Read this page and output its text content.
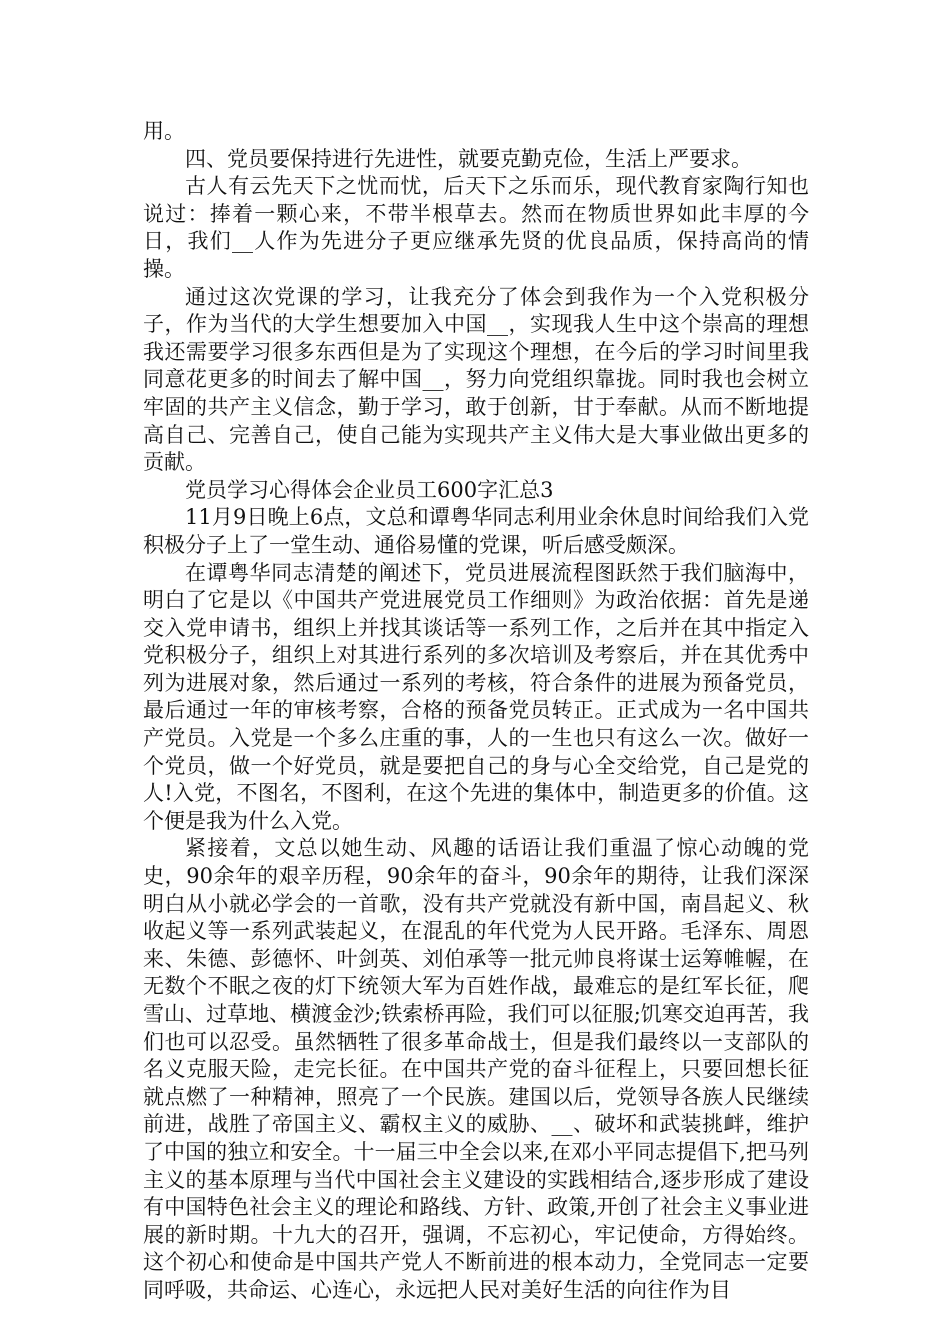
用。

四、党员要保持进行先进性，就要克勤克俭，生活上严要求。

古人有云先天下之忧而忧，后天下之乐而乐，现代教育家陶行知也说过：捧着一颗心来，不带半根草去。然而在物质世界如此丰厚的今日，我们__人作为先进分子更应继承先贤的优良品质，保持高尚的情操。

通过这次党课的学习，让我充分了体会到我作为一个入党积极分子，作为当代的大学生想要加入中国__，实现我人生中这个崇高的理想我还需要学习很多东西但是为了实现这个理想，在今后的学习时间里我同意花更多的时间去了解中国__，努力向党组织靠拢。同时我也会树立牢固的共产主义信念，勤于学习，敢于创新，甘于奉献。从而不断地提高自己、完善自己，使自己能为实现共产主义伟大是大事业做出更多的贡献。

党员学习心得体会企业员工600字汇总3

11月9日晚上6点，文总和谭粤华同志利用业余休息时间给我们入党积极分子上了一堂生动、通俗易懂的党课，听后感受颇深。

在谭粤华同志清楚的阐述下，党员进展流程图跃然于我们脑海中，明白了它是以《中国共产党进展党员工作细则》为政治依据：首先是递交入党申请书，组织上并找其谈话等一系列工作，之后并在其中指定入党积极分子，组织上对其进行系列的多次培训及考察后，并在其优秀中列为进展对象，然后通过一系列的考核，符合条件的进展为预备党员，最后通过一年的审核考察，合格的预备党员转正。正式成为一名中国共产党员。入党是一个多么庄重的事，人的一生也只有这么一次。做好一个党员，做一个好党员，就是要把自己的身与心全交给党，自己是党的人!入党，不图名，不图利，在这个先进的集体中，制造更多的价值。这个便是我为什么入党。

紧接着，文总以她生动、风趣的话语让我们重温了惊心动魄的党史，90余年的艰辛历程，90余年的奋斗，90余年的期待，让我们深深明白从小就必学会的一首歌，没有共产党就没有新中国，南昌起义、秋收起义等一系列武装起义，在混乱的年代党为人民开路。毛泽东、周恩来、朱德、彭德怀、叶剑英、刘伯承等一批元帅良将谋士运筹帷幄，在无数个不眠之夜的灯下统领大军为百姓作战，最难忘的是红军长征，爬雪山、过草地、横渡金沙;铁索桥再险，我们可以征服;饥寒交迫再苦，我们也可以忍受。虽然牺牲了很多革命战士，但是我们最终以一支部队的名义克服天险，走完长征。在中国共产党的奋斗征程上，只要回想长征就点燃了一种精神，照亮了一个民族。建国以后，党领导各族人民继续前进，战胜了帝国主义、霸权主义的威胁、__、破坏和武装挑衅，维护了中国的独立和安全。十一届三中全会以来,在邓小平同志提倡下,把马列主义的基本原理与当代中国社会主义建设的实践相结合,逐步形成了建设有中国特色社会主义的理论和路线、方针、政策,开创了社会主义事业进展的新时期。十九大的召开，强调，不忘初心，牢记使命，方得始终。这个初心和使命是中国共产党人不断前进的根本动力，全党同志一定要同呼吸，共命运、心连心，永远把人民对美好生活的向往作为目
